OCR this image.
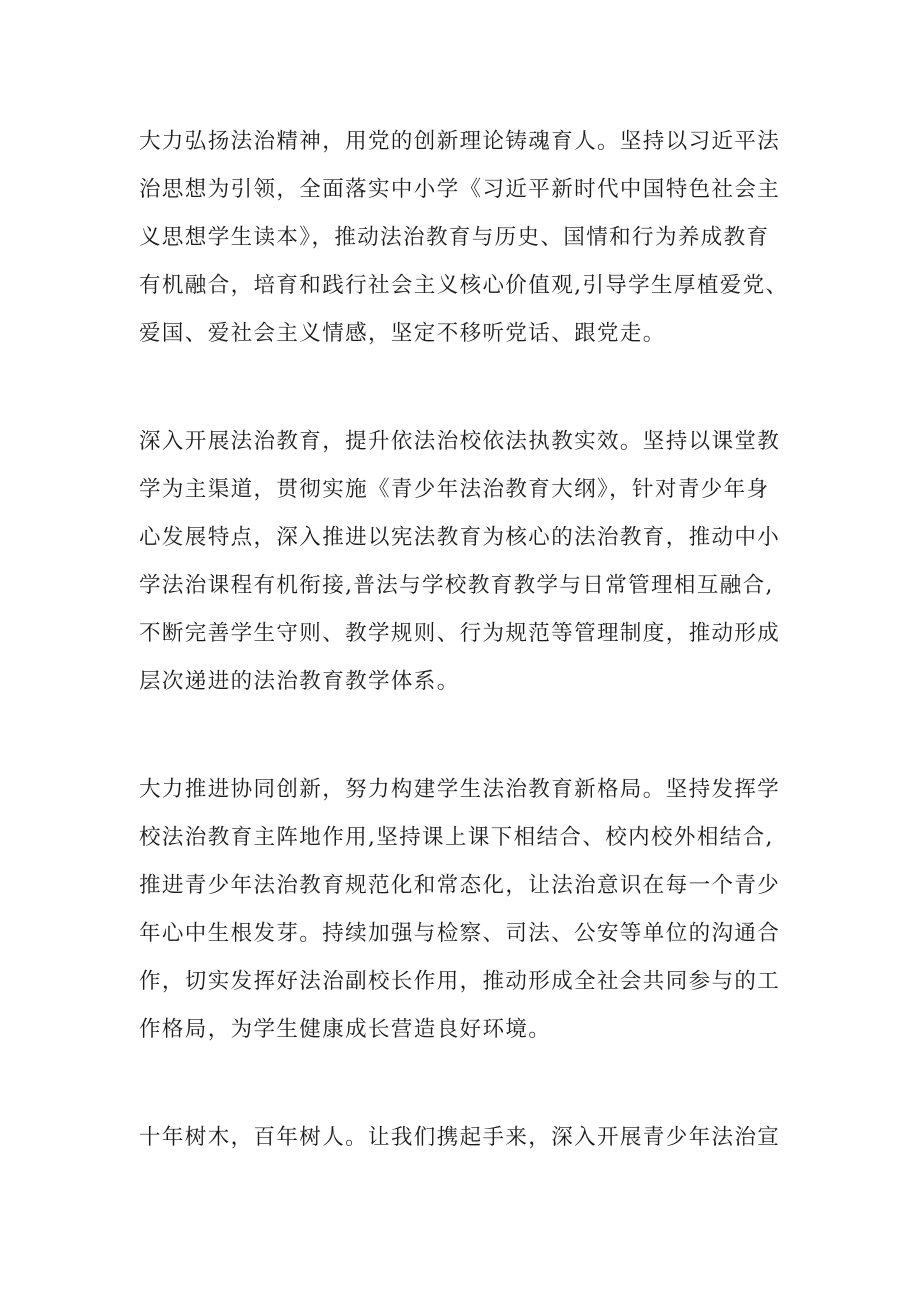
大力弘扬法治精神，用党的创新理论铸魂育人。坚持以习近平法
治思想为引领，全面落实中小学《习近平新时代中国特色社会主
义思想学生读本》，推动法治教育与历史、国情和行为养成教育
有机融合，培育和践行社会主义核心价值观,引导学生厚植爱党、
爱国、爱社会主义情感，坚定不移听党话、跟党走。

深入开展法治教育，提升依法治校依法执教实效。坚持以课堂教
学为主渠道，贯彻实施《青少年法治教育大纲》，针对青少年身
心发展特点，深入推进以宪法教育为核心的法治教育，推动中小
学法治课程有机衔接,普法与学校教育教学与日常管理相互融合,
不断完善学生守则、教学规则、行为规范等管理制度，推动形成
层次递进的法治教育教学体系。

大力推进协同创新，努力构建学生法治教育新格局。坚持发挥学
校法治教育主阵地作用,坚持课上课下相结合、校内校外相结合,
推进青少年法治教育规范化和常态化，让法治意识在每一个青少
年心中生根发芽。持续加强与检察、司法、公安等单位的沟通合
作，切实发挥好法治副校长作用，推动形成全社会共同参与的工
作格局，为学生健康成长营造良好环境。

十年树木，百年树人。让我们携起手来，深入开展青少年法治宣
